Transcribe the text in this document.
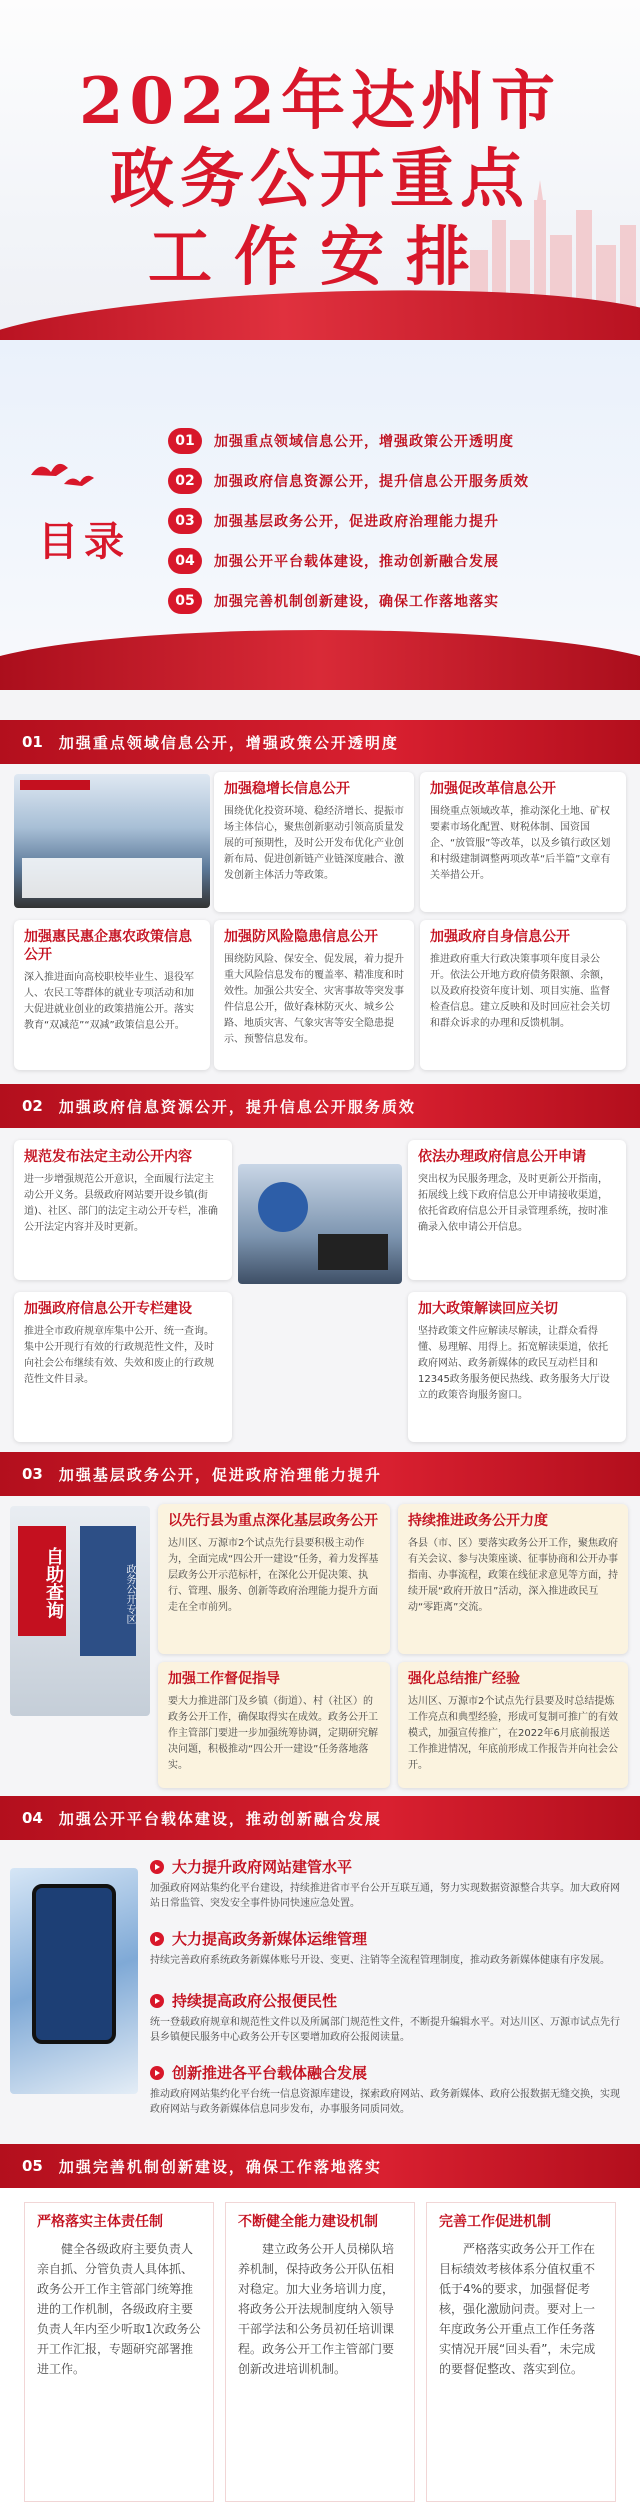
2022年达州市
政务公开重点
工作安排
目录
01	加强重点领域信息公开，增强政策公开透明度
02	加强政府信息资源公开，提升信息公开服务质效
03	加强基层政务公开，促进政府治理能力提升
04	加强公开平台载体建设，推动创新融合发展
05	加强完善机制创新建设，确保工作落地落实
01 加强重点领域信息公开，增强政策公开透明度
加强稳增长信息公开
围绕优化投资环境、稳经济增长、提振市场主体信心，聚焦创新驱动引领高质量发展的可预期性，及时公开发布优化产业创新布局、促进创新链产业链深度融合、激发创新主体活力等政策。
加强促改革信息公开
围绕重点领域改革，推动深化土地、矿权要素市场化配置、财税体制、国资国企、“放管服”等改革，以及乡镇行政区划和村级建制调整两项改革“后半篇”文章有关举措公开。
加强惠民惠企惠农政策信息公开
深入推进面向高校职校毕业生、退役军人、农民工等群体的就业专项活动和加大促进就业创业的政策措施公开。落实教育“双减范”“双减”政策信息公开。
加强防风险隐患信息公开
围绕防风险、保安全、促发展，着力提升重大风险信息发布的覆盖率、精准度和时效性。加强公共安全、灾害事故等突发事件信息公开，做好森林防灭火、城乡公路、地质灾害、气象灾害等安全隐患提示、预警信息发布。
加强政府自身信息公开
推进政府重大行政决策事项年度目录公开。依法公开地方政府债务限额、余额，以及政府投资年度计划、项目实施、监督检查信息。建立反映和及时回应社会关切和群众诉求的办理和反馈机制。
02 加强政府信息资源公开，提升信息公开服务质效
规范发布法定主动公开内容
进一步增强规范公开意识，全面履行法定主动公开义务。县级政府网站要开设乡镇(街道)、社区、部门的法定主动公开专栏，准确公开法定内容并及时更新。
依法办理政府信息公开申请
突出权为民服务理念，及时更新公开指南，拓展线上线下政府信息公开申请接收渠道，依托省政府信息公开目录管理系统，按时准确录入依申请公开信息。
加强政府信息公开专栏建设
推进全市政府规章库集中公开、统一查询。集中公开现行有效的行政规范性文件，及时向社会公布继续有效、失效和废止的行政规范性文件目录。
加大政策解读回应关切
坚持政策文件应解读尽解读，让群众看得懂、易理解、用得上。拓宽解读渠道，依托政府网站、政务新媒体的政民互动栏目和12345政务服务便民热线、政务服务大厅设立的政策咨询服务窗口。
03 加强基层政务公开，促进政府治理能力提升
自助查询	政务公开专区
以先行县为重点深化基层政务公开
达川区、万源市2个试点先行县要积极主动作为，全面完成“四公开一建设”任务，着力发挥基层政务公开示范标杆，在深化公开促决策、执行、管理、服务、创新等政府治理能力提升方面走在全市前列。
持续推进政务公开力度
各县（市、区）要落实政务公开工作，聚焦政府有关会议、参与决策座谈、征事协商和公开办事指南、办事流程，政策在线征求意见等方面，持续开展“政府开放日”活动，深入推进政民互动“零距离”交流。
加强工作督促指导
要大力推进部门及乡镇（街道）、村（社区）的政务公开工作，确保取得实在成效。政务公开工作主管部门要进一步加强统筹协调，定期研究解决问题，积极推动“四公开一建设”任务落地落实。
强化总结推广经验
达川区、万源市2个试点先行县要及时总结提炼工作亮点和典型经验，形成可复制可推广的有效模式，加强宣传推广，在2022年6月底前报送工作推进情况，年底前形成工作报告并向社会公开。
04 加强公开平台载体建设，推动创新融合发展
大力提升政府网站建管水平
加强政府网站集约化平台建设，持续推进省市平台公开互联互通，努力实现数据资源整合共享。加大政府网站日常监管、突发安全事件协同快速应急处置。
大力提高政务新媒体运维管理
持续完善政府系统政务新媒体账号开设、变更、注销等全流程管理制度，推动政务新媒体健康有序发展。
持续提高政府公报便民性
统一登载政府规章和规范性文件以及所属部门规范性文件，不断提升编辑水平。对达川区、万源市试点先行县乡镇便民服务中心政务公开专区要增加政府公报阅读量。
创新推进各平台载体融合发展
推动政府网站集约化平台统一信息资源库建设，探索政府网站、政务新媒体、政府公报数据无缝交换，实现政府网站与政务新媒体信息同步发布，办事服务同质同效。
05 加强完善机制创新建设，确保工作落地落实
严格落实主体责任制
健全各级政府主要负责人亲自抓、分管负责人具体抓、政务公开工作主管部门统筹推进的工作机制，各级政府主要负责人年内至少听取1次政务公开工作汇报，专题研究部署推进工作。
不断健全能力建设机制
建立政务公开人员梯队培养机制，保持政务公开队伍相对稳定。加大业务培训力度，将政务公开法规制度纳入领导干部学法和公务员初任培训课程。政务公开工作主管部门要创新改进培训机制。
完善工作促进机制
严格落实政务公开工作在目标绩效考核体系分值权重不低于4%的要求，加强督促考核，强化激励问责。要对上一年度政务公开重点工作任务落实情况开展“回头看”，未完成的要督促整改、落实到位。
